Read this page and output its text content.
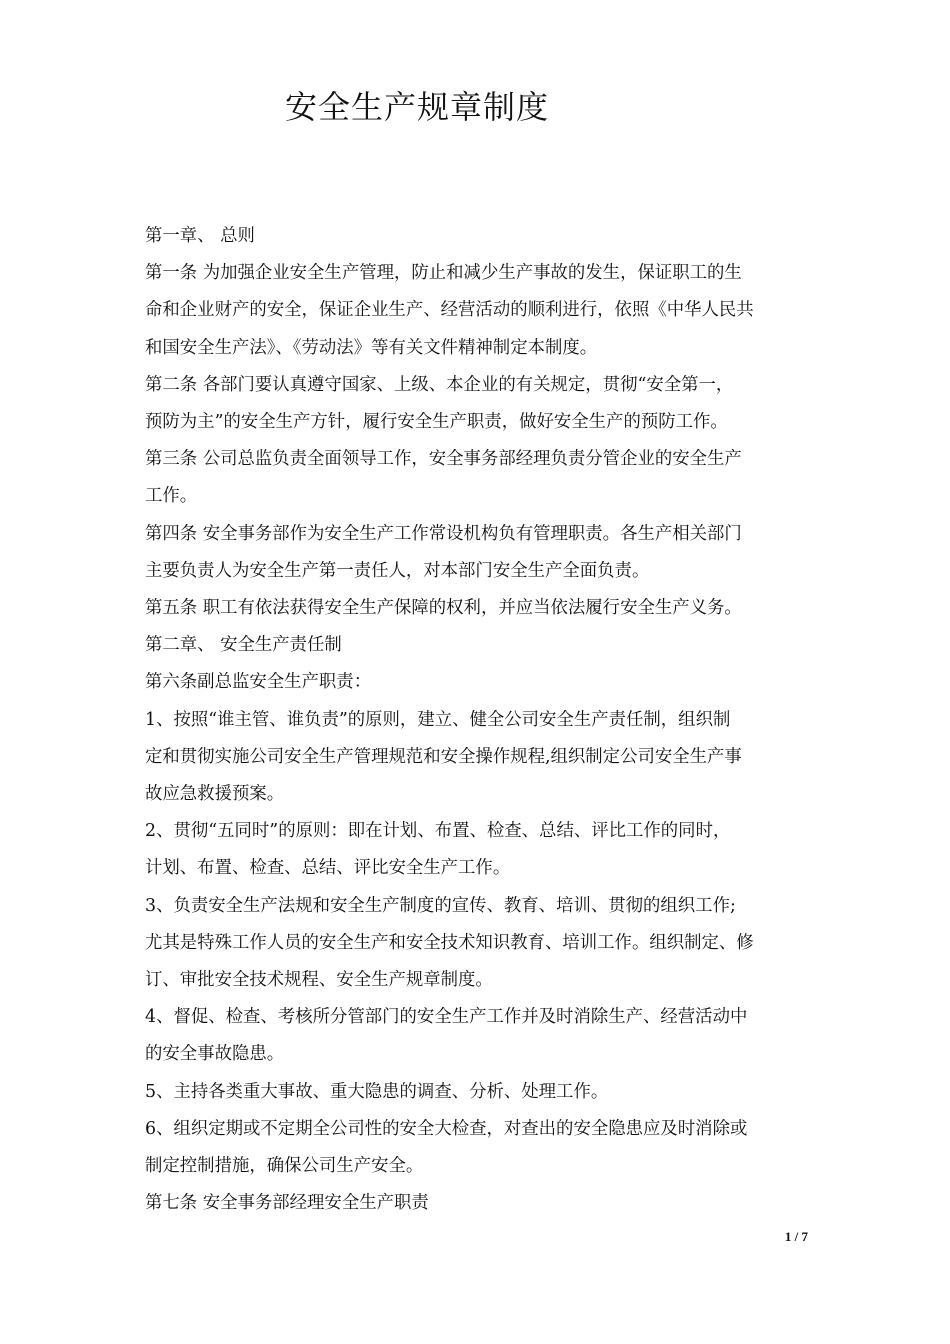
安全生产规章制度
第一章、 总则
第一条 为加强企业安全生产管理，防止和减少生产事故的发生，保证职工的生
命和企业财产的安全，保证企业生产、经营活动的顺利进行，依照《中华人民共
和国安全生产法》、《劳动法》等有关文件精神制定本制度。
第二条 各部门要认真遵守国家、上级、本企业的有关规定，贯彻“安全第一，
预防为主”的安全生产方针，履行安全生产职责，做好安全生产的预防工作。
第三条 公司总监负责全面领导工作，安全事务部经理负责分管企业的安全生产
工作。
第四条 安全事务部作为安全生产工作常设机构负有管理职责。各生产相关部门
主要负责人为安全生产第一责任人，对本部门安全生产全面负责。
第五条 职工有依法获得安全生产保障的权利，并应当依法履行安全生产义务。
第二章、 安全生产责任制
第六条副总监安全生产职责：
1、按照“谁主管、谁负责”的原则，建立、健全公司安全生产责任制，组织制
定和贯彻实施公司安全生产管理规范和安全操作规程,组织制定公司安全生产事
故应急救援预案。
2、贯彻“五同时”的原则：即在计划、布置、检查、总结、评比工作的同时，
计划、布置、检查、总结、评比安全生产工作。
3、负责安全生产法规和安全生产制度的宣传、教育、培训、贯彻的组织工作;
尤其是特殊工作人员的安全生产和安全技术知识教育、培训工作。组织制定、修
订、审批安全技术规程、安全生产规章制度。
4、督促、检查、考核所分管部门的安全生产工作并及时消除生产、经营活动中
的安全事故隐患。
5、主持各类重大事故、重大隐患的调查、分析、处理工作。
6、组织定期或不定期全公司性的安全大检查，对查出的安全隐患应及时消除或
制定控制措施，确保公司生产安全。
第七条 安全事务部经理安全生产职责
1 / 7
